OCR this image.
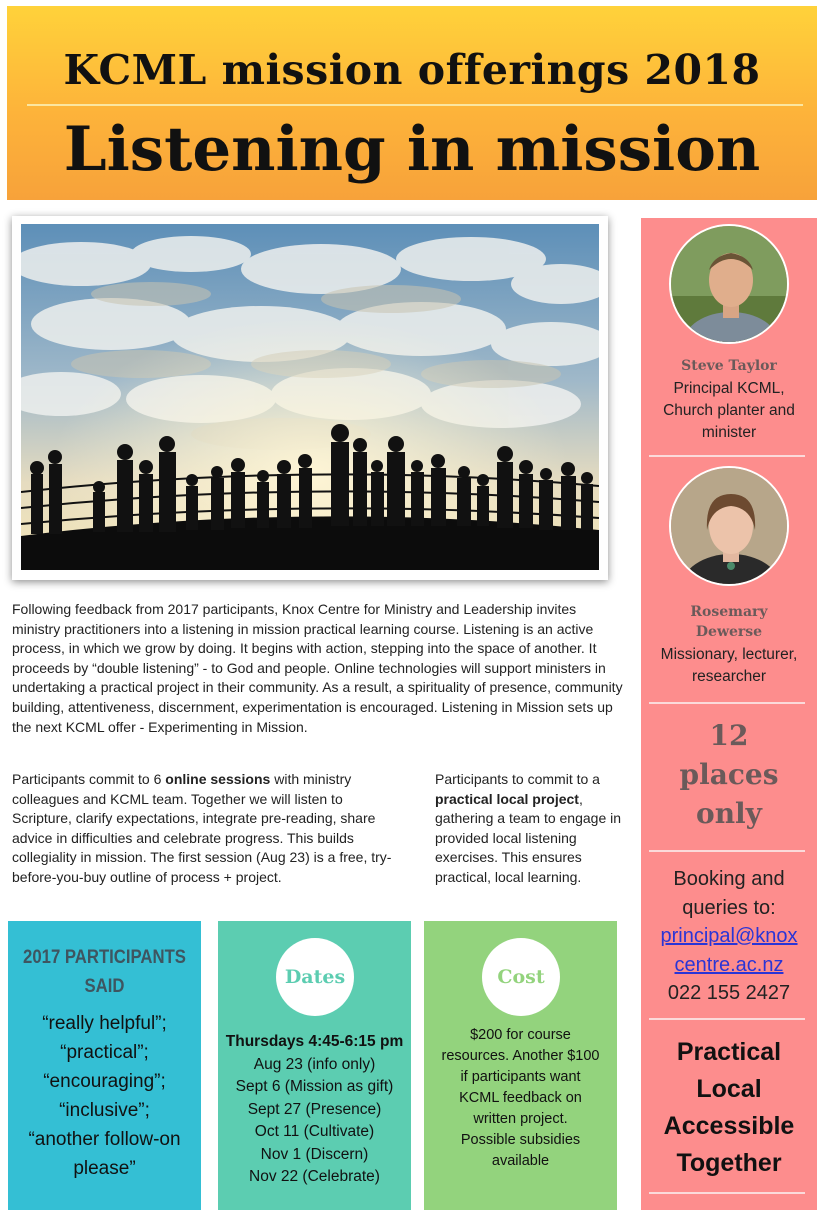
KCML mission offerings 2018
Listening in mission
Following feedback from 2017 participants, Knox Centre for Ministry and Leadership invites ministry practitioners into a listening in mission practical learning course. Listening is an active process, in which we grow by doing. It begins with action, stepping into the space of another. It proceeds by “double listening” - to God and people. Online technologies will support ministers in undertaking a practical project in their community. As a result, a spirituality of presence, community building, attentiveness, discernment, experimentation is encouraged. Listening in Mission sets up the next KCML offer - Experimenting in Mission.
Participants commit to 6 online sessions with ministry colleagues and KCML team. Together we will listen to Scripture, clarify expectations, integrate pre-reading, share advice in difficulties and celebrate progress. This builds collegiality in mission. The first session (Aug 23) is a free, try-before-you-buy outline of process + project.
Participants to commit to a practical local project, gathering a team to engage in provided local listening exercises. This ensures practical, local learning.
Steve Taylor
Principal KCML, Church planter and minister
Rosemary
Dewerse
Missionary, lecturer, researcher
12
places
only
Booking and
queries to:
principal@knox
centre.ac.nz
022 155 2427
Practical
Local
Accessible
Together
2017 PARTICIPANTS
SAID
“really helpful”;
“practical”;
“encouraging”;
“inclusive”;
“another follow-on
please”
Dates
Thursdays 4:45-6:15 pm
Aug 23 (info only)
Sept 6 (Mission as gift)
Sept 27 (Presence)
Oct 11 (Cultivate)
Nov 1 (Discern)
Nov 22 (Celebrate)
Cost
$200 for course
resources. Another $100
if participants want
KCML feedback on
written project.
Possible subsidies
available
